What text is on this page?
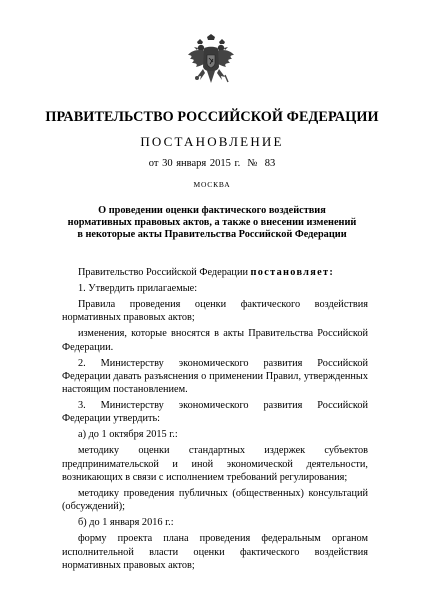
ПРАВИТЕЛЬСТВО РОССИЙСКОЙ ФЕДЕРАЦИИ
ПОСТАНОВЛЕНИЕ
от 30 января 2015 г.  №  83
МОСКВА
О проведении оценки фактического воздействия
нормативных правовых актов, а также о внесении изменений
в некоторые акты Правительства Российской Федерации

Правительство Российской Федерации постановляет:

1. Утвердить прилагаемые:

Правила проведения оценки фактического воздействия нормативных правовых актов;

изменения, которые вносятся в акты Правительства Российской Федерации.

2. Министерству экономического развития Российской Федерации давать разъяснения о применении Правил, утвержденных настоящим постановлением.

3. Министерству экономического развития Российской Федерации утвердить:

а) до 1 октября 2015 г.:

методику оценки стандартных издержек субъектов предпринимательской и иной экономической деятельности, возникающих в связи с исполнением требований регулирования;

методику проведения публичных (общественных) консультаций (обсуждений);

б) до 1 января 2016 г.:

форму проекта плана проведения федеральным органом исполнительной власти оценки фактического воздействия нормативных правовых актов;
